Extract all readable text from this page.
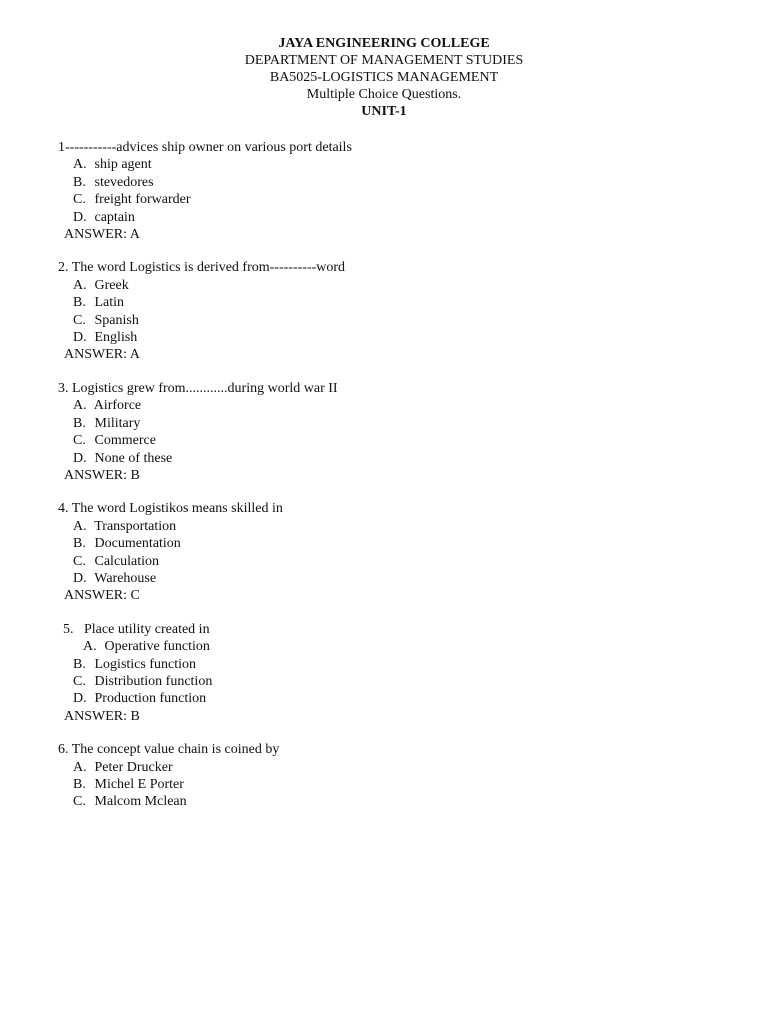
JAYA ENGINEERING COLLEGE
DEPARTMENT OF MANAGEMENT STUDIES
BA5025-LOGISTICS MANAGEMENT
Multiple Choice Questions.
UNIT-1
1-----------advices ship owner on various port details
A. ship agent
B. stevedores
C. freight forwarder
D. captain
ANSWER: A
2. The word Logistics is derived from----------word
A. Greek
B. Latin
C. Spanish
D. English
ANSWER: A
3. Logistics grew from............during world war II
A. Airforce
B. Military
C. Commerce
D. None of these
ANSWER: B
4. The word Logistikos means skilled in
A. Transportation
B. Documentation
C. Calculation
D. Warehouse
ANSWER: C
5.   Place utility created in
A. Operative function
B. Logistics function
C. Distribution function
D. Production function
ANSWER: B
6. The concept value chain is coined by
A. Peter Drucker
B. Michel E Porter
C. Malcom Mclean
